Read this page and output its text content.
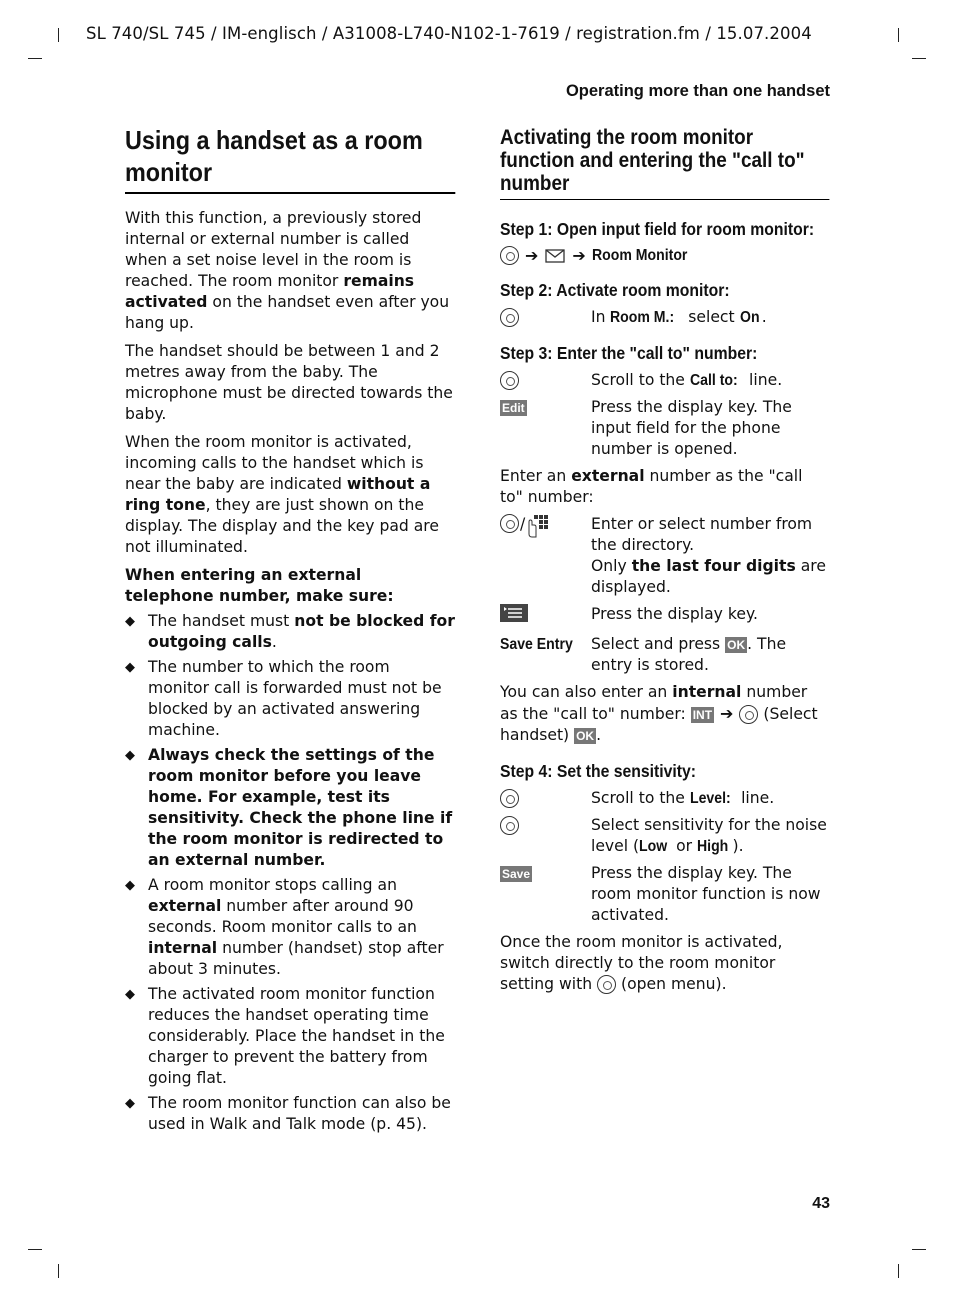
SL 740/SL 745 / IM-englisch / A31008-L740-N102-1-7619 / registration.fm / 15.07.2004
Operating more than one handset
43
Using a handset as a room monitor

With this function, a previously stored internal or external number is called when a set noise level in the room is reached. The room monitor remains activated on the handset even after you hang up.

The handset should be between 1 and 2 metres away from the baby. The microphone must be directed towards the baby.

When the room monitor is activated, incoming calls to the handset which is near the baby are indicated without a ring tone, they are just shown on the display. The display and the key pad are not illuminated.

When entering an external telephone number, make sure:

◆ The handset must not be blocked for outgoing calls.
◆ The number to which the room monitor call is forwarded must not be blocked by an activated answering machine.
◆ Always check the settings of the room monitor before you leave home. For example, test its sensitivity. Check the phone line if the room monitor is redirected to an external number.
◆ A room monitor stops calling an external number after around 90 seconds. Room monitor calls to an internal number (handset) stop after about 3 minutes.
◆ The activated room monitor function reduces the handset operating time considerably. Place the handset in the charger to prevent the battery from going flat.
◆ The room monitor function can also be used in Walk and Talk mode (p. 45).
Activating the room monitor function and entering the "call to" number
Step 1: Open input field for room monitor:
➔ ➔ Room Monitor
Step 2: Activate room monitor:
In Room M.: select On .
Step 3: Enter the "call to" number:
Scroll to the Call to: line.
Edit	Press the display key. The input field for the phone number is opened.

Enter an external number as the "call to" number:

/	Enter or select number from the directory.
Only the last four digits are displayed.
Press the display key.
Save Entry	Select and press OK . The entry is stored.

You can also enter an internal number as the "call to" number: INT ➔ (Select handset) OK .

Step 4: Set the sensitivity:
Scroll to the Level: line.
Select sensitivity for the noise level (Low or High ).
Save	Press the display key. The room monitor function is now activated.

Once the room monitor is activated, switch directly to the room monitor setting with  (open menu).
